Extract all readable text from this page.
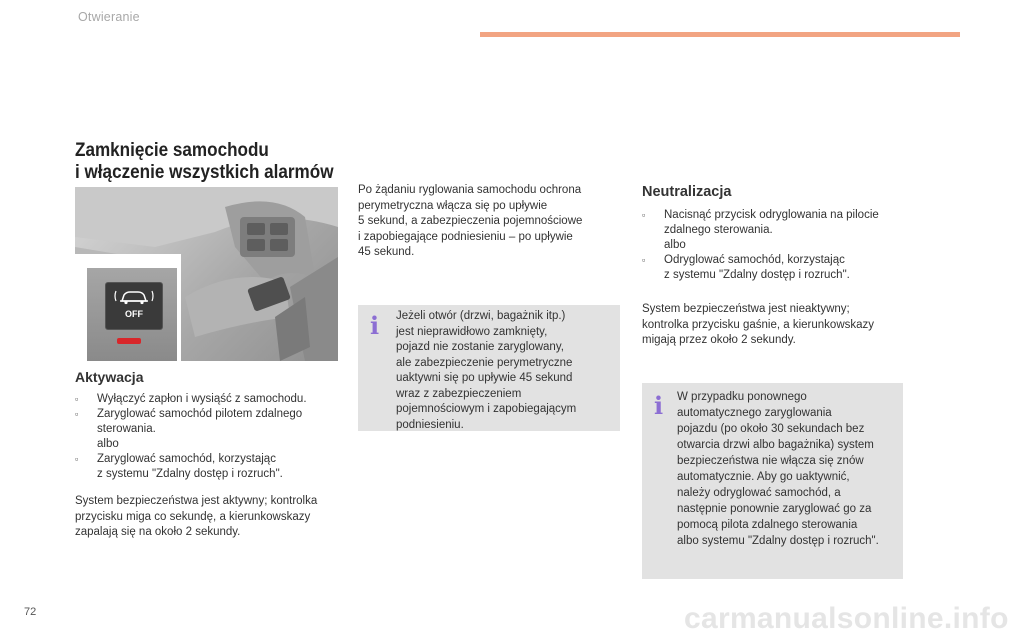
Otwieranie
Zamknięcie samochodu
i włączenie wszystkich alarmów
OFF
Aktywacja
▫ Wyłączyć zapłon i wysiąść z samochodu.
▫ Zaryglować samochód pilotem zdalnego
sterowania.
albo
▫ Zaryglować samochód, korzystając
z systemu "Zdalny dostęp i rozruch".
System bezpieczeństwa jest aktywny; kontrolka
przycisku miga co sekundę, a kierunkowskazy
zapalają się na około 2 sekundy.
Po żądaniu ryglowania samochodu ochrona
perymetryczna włącza się po upływie
5 sekund, a zabezpieczenia pojemnościowe
i zapobiegające podniesieniu – po upływie
45 sekund.
i Jeżeli otwór (drzwi, bagażnik itp.)
jest nieprawidłowo zamknięty,
pojazd nie zostanie zaryglowany,
ale zabezpieczenie perymetryczne
uaktywni się po upływie 45 sekund
wraz z zabezpieczeniem
pojemnościowym i zapobiegającym
podniesieniu.
Neutralizacja
▫ Nacisnąć przycisk odryglowania na pilocie
zdalnego sterowania.
albo
▫ Odryglować samochód, korzystając
z systemu "Zdalny dostęp i rozruch".
System bezpieczeństwa jest nieaktywny;
kontrolka przycisku gaśnie, a kierunkowskazy
migają przez około 2 sekundy.
i W przypadku ponownego
automatycznego zaryglowania
pojazdu (po około 30 sekundach bez
otwarcia drzwi albo bagażnika) system
bezpieczeństwa nie włącza się znów
automatycznie. Aby go uaktywnić,
należy odryglować samochód, a
następnie ponownie zaryglować go za
pomocą pilota zdalnego sterowania
albo systemu "Zdalny dostęp i rozruch".
72	carmanualsonline.info
